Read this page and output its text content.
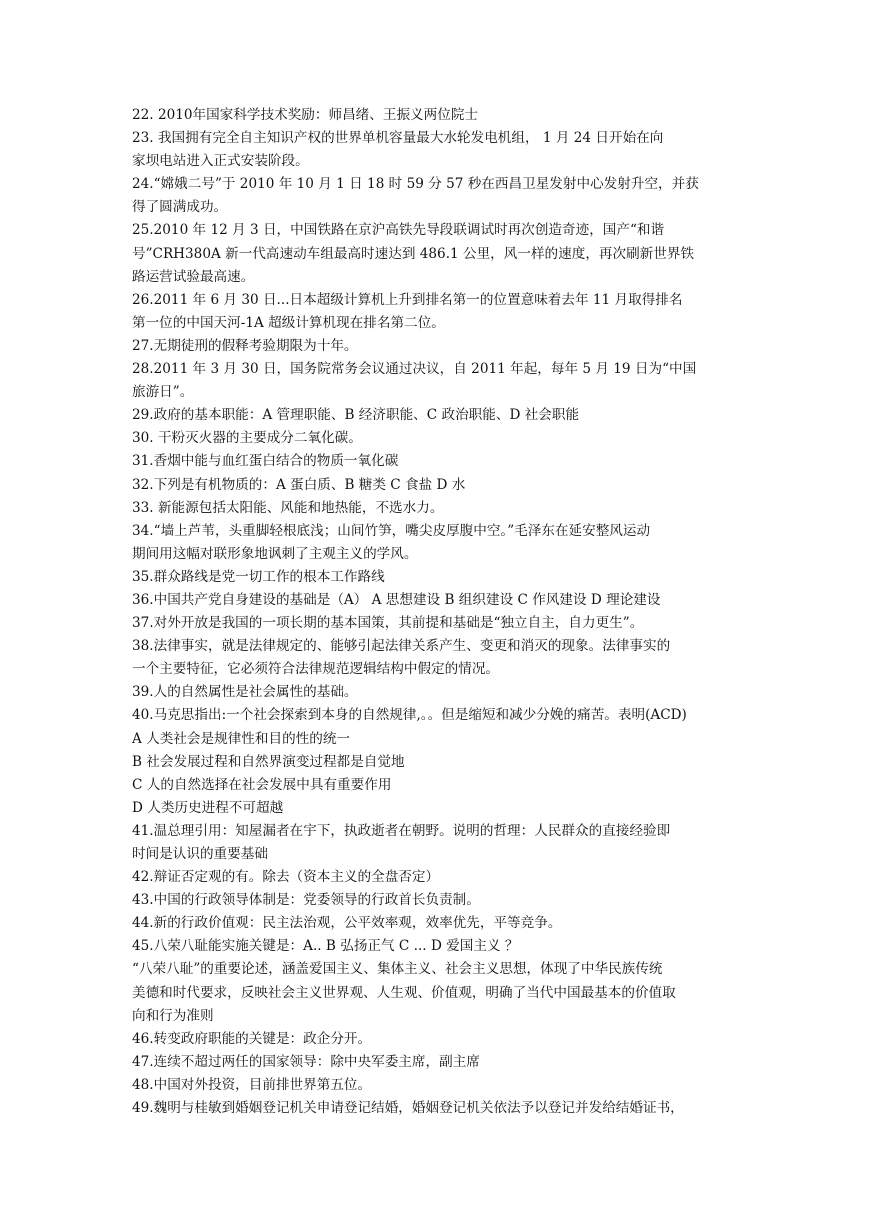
22. 2010年国家科学技术奖励：师昌绪、王振义两位院士
23. 我国拥有完全自主知识产权的世界单机容量最大水轮发电机组， 1 月 24 日开始在向
家坝电站进入正式安装阶段。
24.“嫦娥二号”于 2010 年 10 月 1 日 18 时 59 分 57 秒在西昌卫星发射中心发射升空，并获
得了圆满成功。
25.2010 年 12 月 3 日，中国铁路在京沪高铁先导段联调试时再次创造奇迹，国产“和谐
号”CRH380A 新一代高速动车组最高时速达到 486.1 公里，风一样的速度，再次刷新世界铁
路运营试验最高速。
26.2011 年 6 月 30 日...日本超级计算机上升到排名第一的位置意味着去年 11 月取得排名
第一位的中国天河-1A 超级计算机现在排名第二位。
27.无期徒刑的假释考验期限为十年。
28.2011 年 3 月 30 日，国务院常务会议通过决议，自 2011 年起，每年 5 月 19 日为“中国
旅游日”。
29.政府的基本职能：A 管理职能、B 经济职能、C 政治职能、D 社会职能
30. 干粉灭火器的主要成分二氧化碳。
31.香烟中能与血红蛋白结合的物质一氧化碳
32.下列是有机物质的：A 蛋白质、B 糖类 C 食盐 D 水
33. 新能源包括太阳能、风能和地热能，不选水力。
34.“墙上芦苇，头重脚轻根底浅；山间竹笋，嘴尖皮厚腹中空。”毛泽东在延安整风运动
期间用这幅对联形象地讽刺了主观主义的学风。
35.群众路线是党一切工作的根本工作路线
36.中国共产党自身建设的基础是（A） A 思想建设 B 组织建设 C 作风建设 D 理论建设
37.对外开放是我国的一项长期的基本国策，其前提和基础是“独立自主，自力更生”。
38.法律事实，就是法律规定的、能够引起法律关系产生、变更和消灭的现象。法律事实的
一个主要特征，它必须符合法律规范逻辑结构中假定的情况。
39.人的自然属性是社会属性的基础。
40.马克思指出:一个社会探索到本身的自然规律,。。但是缩短和减少分娩的痛苦。表明(ACD)
A 人类社会是规律性和目的性的统一
B 社会发展过程和自然界演变过程都是自觉地
C 人的自然选择在社会发展中具有重要作用
D 人类历史进程不可超越
41.温总理引用：知屋漏者在宇下，执政逝者在朝野。说明的哲理：人民群众的直接经验即
时间是认识的重要基础
42.辩证否定观的有。除去（资本主义的全盘否定）
43.中国的行政领导体制是：党委领导的行政首长负责制。
44.新的行政价值观：民主法治观，公平效率观，效率优先，平等竞争。
45.八荣八耻能实施关键是：A.. B 弘扬正气 C ... D 爱国主义 ？
“八荣八耻”的重要论述，涵盖爱国主义、集体主义、社会主义思想，体现了中华民族传统
美德和时代要求，反映社会主义世界观、人生观、价值观，明确了当代中国最基本的价值取
向和行为准则
46.转变政府职能的关键是：政企分开。
47.连续不超过两任的国家领导：除中央军委主席，副主席
48.中国对外投资，目前排世界第五位。
49.魏明与桂敏到婚姻登记机关申请登记结婚，婚姻登记机关依法予以登记并发给结婚证书，
